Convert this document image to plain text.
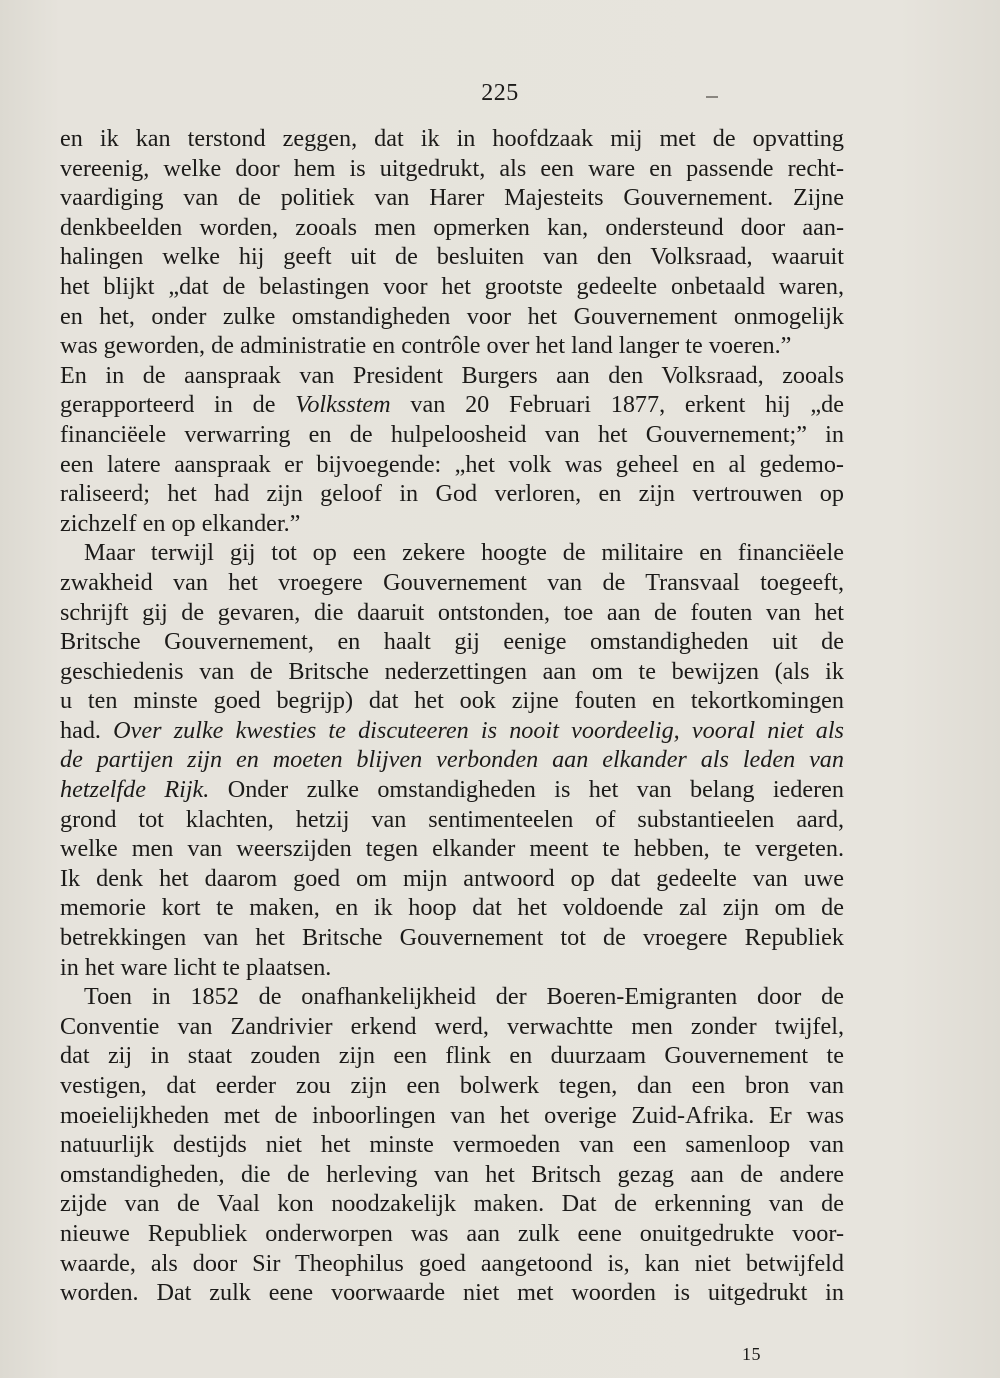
225
en ik kan terstond zeggen, dat ik in hoofdzaak mij met de opvatting
vereenig, welke door hem is uitgedrukt, als een ware en passende recht-
vaardiging van de politiek van Harer Majesteits Gouvernement. Zijne
denkbeelden worden, zooals men opmerken kan, ondersteund door aan-
halingen welke hij geeft uit de besluiten van den Volksraad, waaruit
het blijkt „dat de belastingen voor het grootste gedeelte onbetaald waren,
en het, onder zulke omstandigheden voor het Gouvernement onmogelijk
was geworden, de administratie en contrôle over het land langer te voeren.”
En in de aanspraak van President Burgers aan den Volksraad, zooals
gerapporteerd in de Volksstem van 20 Februari 1877, erkent hij „de
financiëele verwarring en de hulpeloosheid van het Gouvernement;” in
een latere aanspraak er bijvoegende: „het volk was geheel en al gedemo-
raliseerd; het had zijn geloof in God verloren, en zijn vertrouwen op
zichzelf en op elkander.”
Maar terwijl gij tot op een zekere hoogte de militaire en financiëele
zwakheid van het vroegere Gouvernement van de Transvaal toegeeft,
schrijft gij de gevaren, die daaruit ontstonden, toe aan de fouten van het
Britsche Gouvernement, en haalt gij eenige omstandigheden uit de
geschiedenis van de Britsche nederzettingen aan om te bewijzen (als ik
u ten minste goed begrijp) dat het ook zijne fouten en tekortkomingen
had. Over zulke kwesties te discuteeren is nooit voordeelig, vooral niet als
de partijen zijn en moeten blijven verbonden aan elkander als leden van
hetzelfde Rijk. Onder zulke omstandigheden is het van belang iederen
grond tot klachten, hetzij van sentimenteelen of substantieelen aard,
welke men van weerszijden tegen elkander meent te hebben, te vergeten.
Ik denk het daarom goed om mijn antwoord op dat gedeelte van uwe
memorie kort te maken, en ik hoop dat het voldoende zal zijn om de
betrekkingen van het Britsche Gouvernement tot de vroegere Republiek
in het ware licht te plaatsen.
Toen in 1852 de onafhankelijkheid der Boeren-Emigranten door de
Conventie van Zandrivier erkend werd, verwachtte men zonder twijfel,
dat zij in staat zouden zijn een flink en duurzaam Gouvernement te
vestigen, dat eerder zou zijn een bolwerk tegen, dan een bron van
moeielijkheden met de inboorlingen van het overige Zuid-Afrika. Er was
natuurlijk destijds niet het minste vermoeden van een samenloop van
omstandigheden, die de herleving van het Britsch gezag aan de andere
zijde van de Vaal kon noodzakelijk maken. Dat de erkenning van de
nieuwe Republiek onderworpen was aan zulk eene onuitgedrukte voor-
waarde, als door Sir Theophilus goed aangetoond is, kan niet betwijfeld
worden. Dat zulk eene voorwaarde niet met woorden is uitgedrukt in
15
